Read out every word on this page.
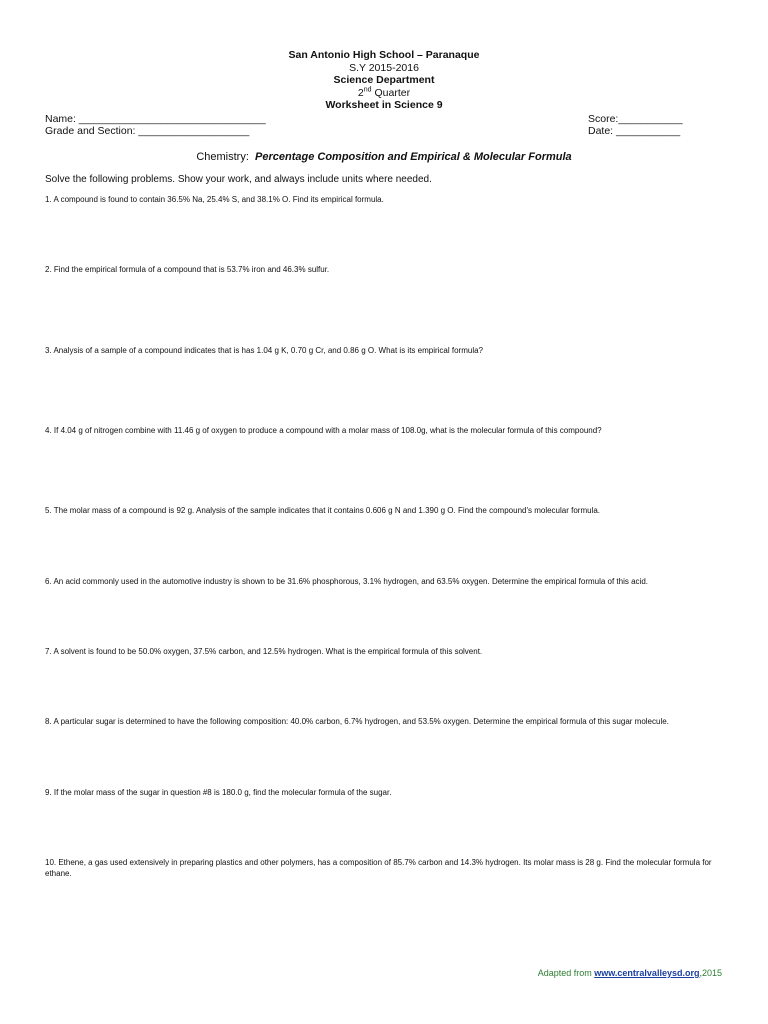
San Antonio High School – Paranaque
S.Y 2015-2016
Science Department
2nd Quarter
Worksheet in Science 9
Name: ________________________________	Score:___________
Grade and Section: ___________________	Date: ___________
Chemistry: Percentage Composition and Empirical & Molecular Formula
Solve the following problems. Show your work, and always include units where needed.
1. A compound is found to contain 36.5% Na, 25.4% S, and 38.1% O. Find its empirical formula.
2. Find the empirical formula of a compound that is 53.7% iron and 46.3% sulfur.
3. Analysis of a sample of a compound indicates that is has 1.04 g K, 0.70 g Cr, and 0.86 g O. What is its empirical formula?
4. If 4.04 g of nitrogen combine with 11.46 g of oxygen to produce a compound with a molar mass of 108.0g, what is the molecular formula of this compound?
5. The molar mass of a compound is 92 g. Analysis of the sample indicates that it contains 0.606 g N and 1.390 g O. Find the compound's molecular formula.
6. An acid commonly used in the automotive industry is shown to be 31.6% phosphorous, 3.1% hydrogen, and 63.5% oxygen. Determine the empirical formula of this acid.
7. A solvent is found to be 50.0% oxygen, 37.5% carbon, and 12.5% hydrogen. What is the empirical formula of this solvent.
8. A particular sugar is determined to have the following composition: 40.0% carbon, 6.7% hydrogen, and 53.5% oxygen. Determine the empirical formula of this sugar molecule.
9. If the molar mass of the sugar in question #8 is 180.0 g, find the molecular formula of the sugar.
10. Ethene, a gas used extensively in preparing plastics and other polymers, has a composition of 85.7% carbon and 14.3% hydrogen. Its molar mass is 28 g. Find the molecular formula for ethane.
Adapted from www.centralvalleysd.org,2015
